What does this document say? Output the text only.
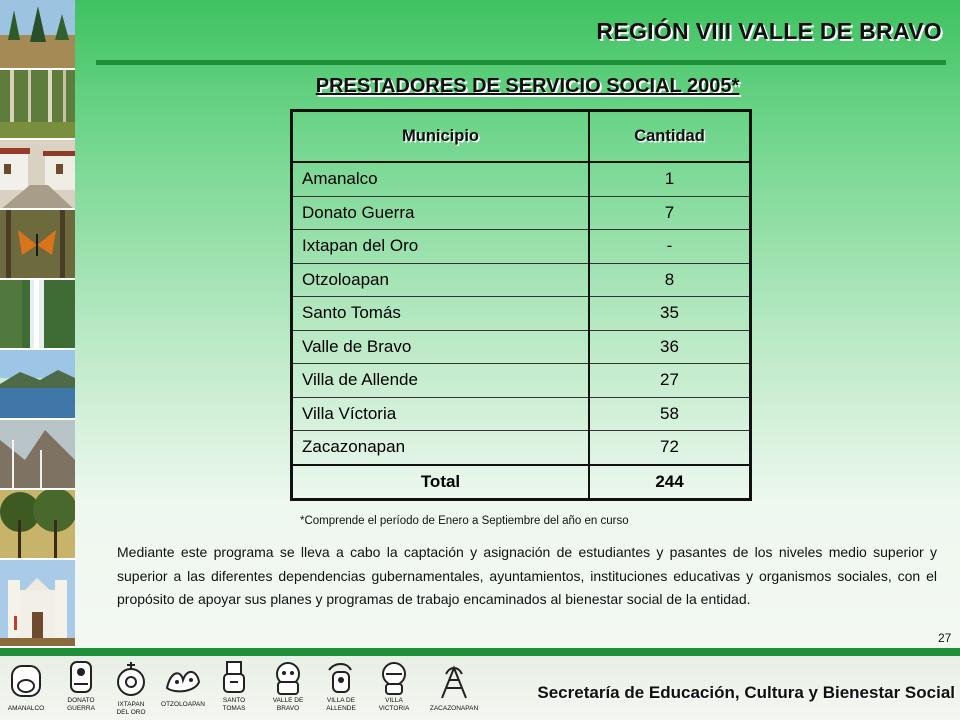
REGIÓN VIII VALLE DE BRAVO
PRESTADORES DE SERVICIO SOCIAL 2005*
Municipio	Cantidad
Amanalco	1
Donato Guerra	7
Ixtapan del Oro	-
Otzoloapan	8
Santo Tomás	35
Valle de Bravo	36
Villa de Allende	27
Villa Víctoria	58
Zacazonapan	72
Total	244
*Comprende el período de Enero a Septiembre del año en curso
Mediante este programa se lleva a cabo la captación y asignación de estudiantes y pasantes de los niveles medio superior y superior a las diferentes dependencias gubernamentales, ayuntamientos, instituciones educativas y organismos sociales, con el propósito de apoyar sus planes y programas de trabajo encaminados al bienestar social de la entidad.
27
AMANALCO
DONATO
GUERRA
IXTAPAN
DEL ORO
OTZOLOAPAN
SANTO
TOMAS
VALLE DE
BRAVO
VILLA DE
ALLENDE
VILLA
VICTORIA	ZACAZONAPAN
Secretaría de Educación, Cultura y Bienestar Social
